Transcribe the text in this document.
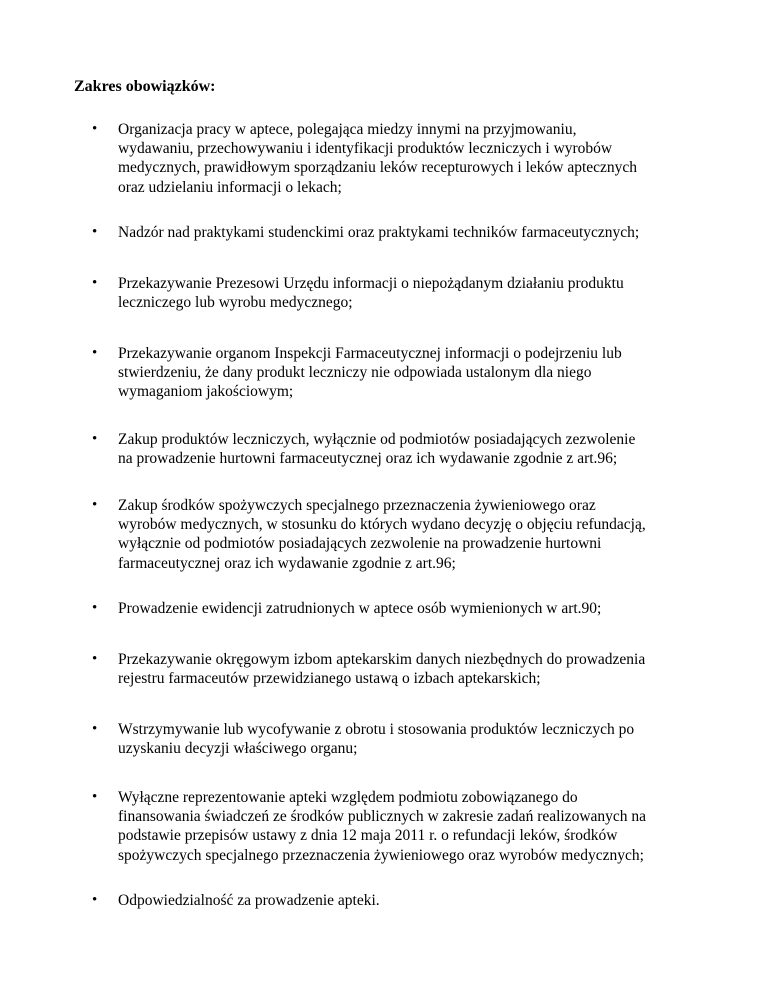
Zakres obowiązków:
• Organizacja pracy w aptece, polegająca miedzy innymi na przyjmowaniu,
wydawaniu, przechowywaniu i identyfikacji produktów leczniczych i wyrobów
medycznych, prawidłowym sporządzaniu leków recepturowych i leków aptecznych
oraz udzielaniu informacji o lekach;
• Nadzór nad praktykami studenckimi oraz praktykami techników farmaceutycznych;
• Przekazywanie Prezesowi Urzędu informacji o niepożądanym działaniu produktu
leczniczego lub wyrobu medycznego;
• Przekazywanie organom Inspekcji Farmaceutycznej informacji o podejrzeniu lub
stwierdzeniu, że dany produkt leczniczy nie odpowiada ustalonym dla niego
wymaganiom jakościowym;
• Zakup produktów leczniczych, wyłącznie od podmiotów posiadających zezwolenie
na prowadzenie hurtowni farmaceutycznej oraz ich wydawanie zgodnie z art.96;
• Zakup środków spożywczych specjalnego przeznaczenia żywieniowego oraz
wyrobów medycznych, w stosunku do których wydano decyzję o objęciu refundacją,
wyłącznie od podmiotów posiadających zezwolenie na prowadzenie hurtowni
farmaceutycznej oraz ich wydawanie zgodnie z art.96;
• Prowadzenie ewidencji zatrudnionych w aptece osób wymienionych w art.90;
• Przekazywanie okręgowym izbom aptekarskim danych niezbędnych do prowadzenia
rejestru farmaceutów przewidzianego ustawą o izbach aptekarskich;
• Wstrzymywanie lub wycofywanie z obrotu i stosowania produktów leczniczych po
uzyskaniu decyzji właściwego organu;
• Wyłączne reprezentowanie apteki względem podmiotu zobowiązanego do
finansowania świadczeń ze środków publicznych w zakresie zadań realizowanych na
podstawie przepisów ustawy z dnia 12 maja 2011 r. o refundacji leków, środków
spożywczych specjalnego przeznaczenia żywieniowego oraz wyrobów medycznych;
• Odpowiedzialność za prowadzenie apteki.
